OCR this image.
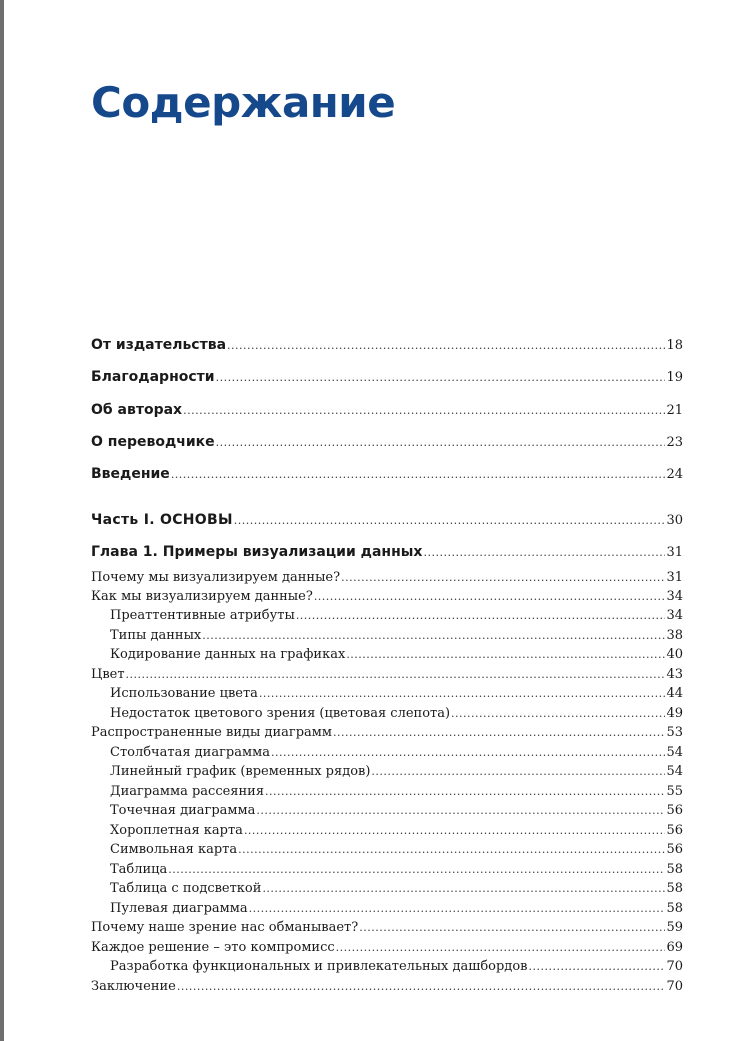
Содержание
От издательства .....	18
Благодарности .....	19
Об авторах .....	21
О переводчике .....	23
Введение .....	24
Часть I. ОСНОВЫ .....	30
Глава 1. Примеры визуализации данных .....	31
Почему мы визуализируем данные? .....	31
Как мы визуализируем данные? .....	34
Преаттентивные атрибуты .....	34
Типы данных .....	38
Кодирование данных на графиках .....	40
Цвет .....	43
Использование цвета .....	44
Недостаток цветового зрения (цветовая слепота) .....	49
Распространенные виды диаграмм .....	53
Столбчатая диаграмма .....	54
Линейный график (временных рядов) .....	54
Диаграмма рассеяния .....	55
Точечная диаграмма .....	56
Хороплетная карта .....	56
Символьная карта .....	56
Таблица .....	58
Таблица с подсветкой .....	58
Пулевая диаграмма .....	58
Почему наше зрение нас обманывает? .....	59
Каждое решение – это компромисс .....	69
Разработка функциональных и привлекательных дашбордов .....	70
Заключение .....	70
